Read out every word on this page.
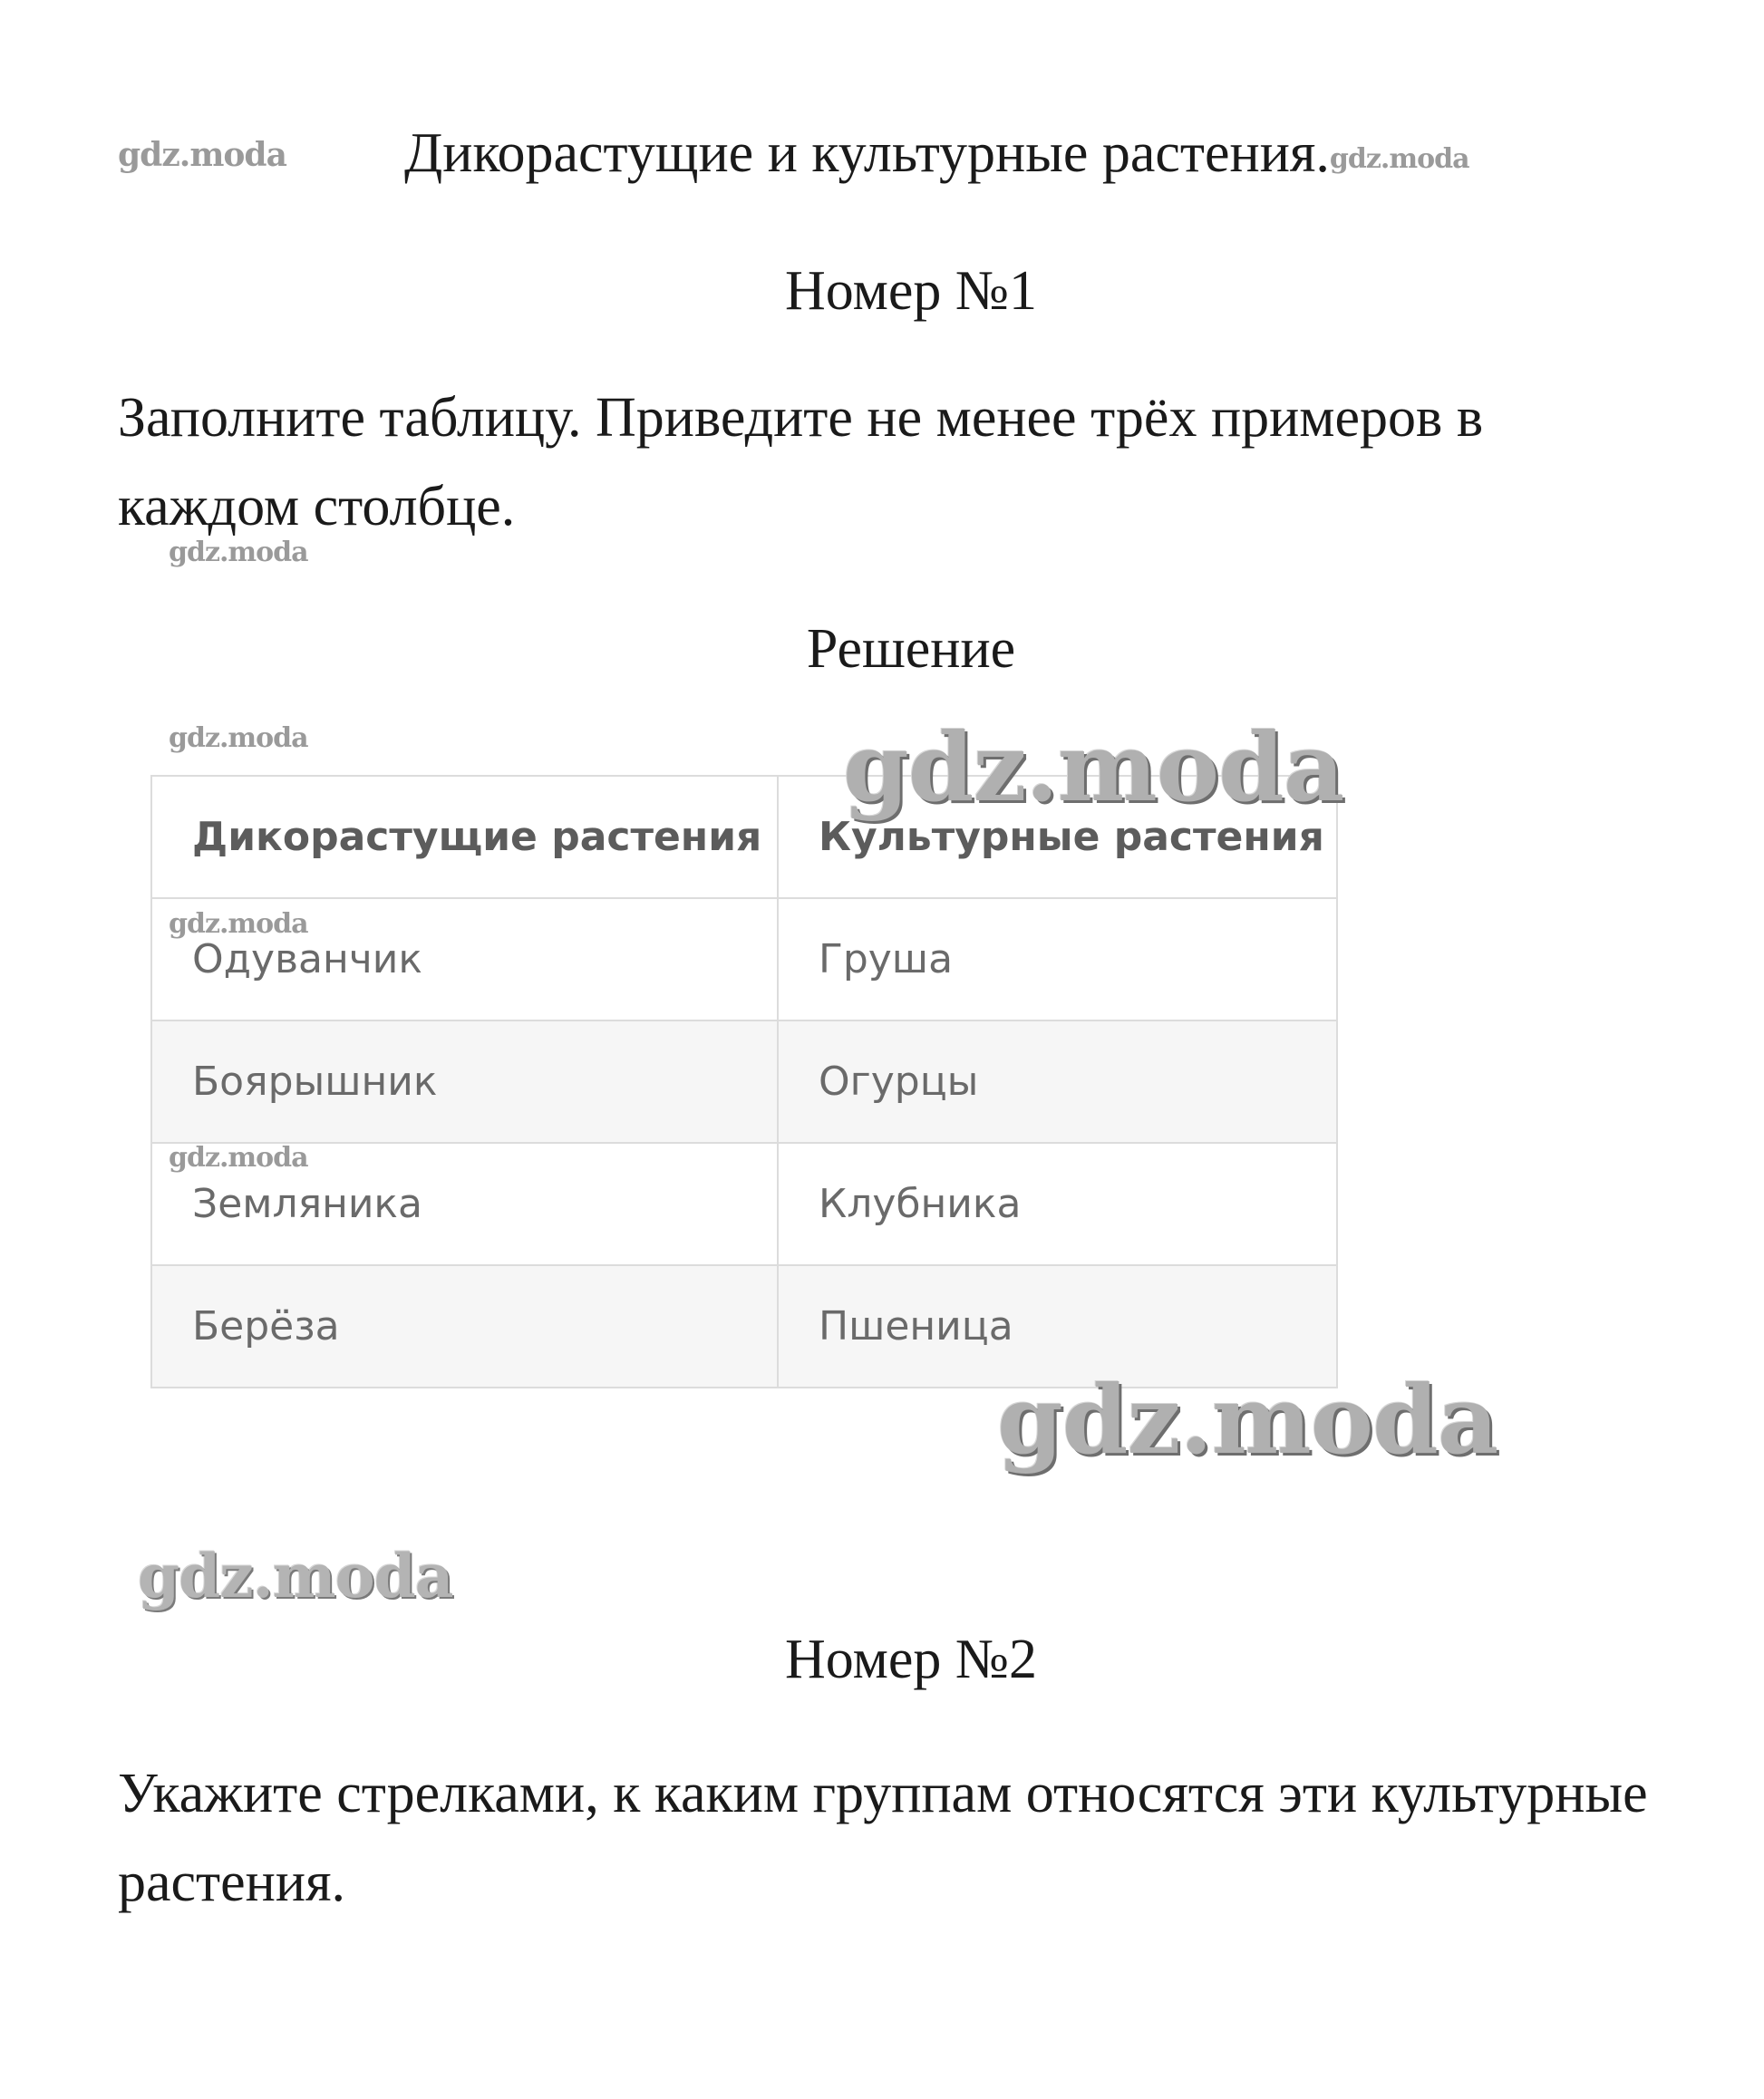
gdz.moda Дикорастущие и культурные растения.gdz.moda
Номер №1
Заполните таблицу. Приведите не менее трёх примеров в каждом столбце.
gdz.moda
Решение
gdz.moda
Дикорастущие растения	Культурные растения
Одуванчик	Груша
Боярышник	Огурцы
Земляника	Клубника
Берёза	Пшеница
gdz.moda
gdz.moda
gdz.moda
gdz.moda
gdz.moda
Номер №2
Укажите стрелками, к каким группам относятся эти культурные растения.
